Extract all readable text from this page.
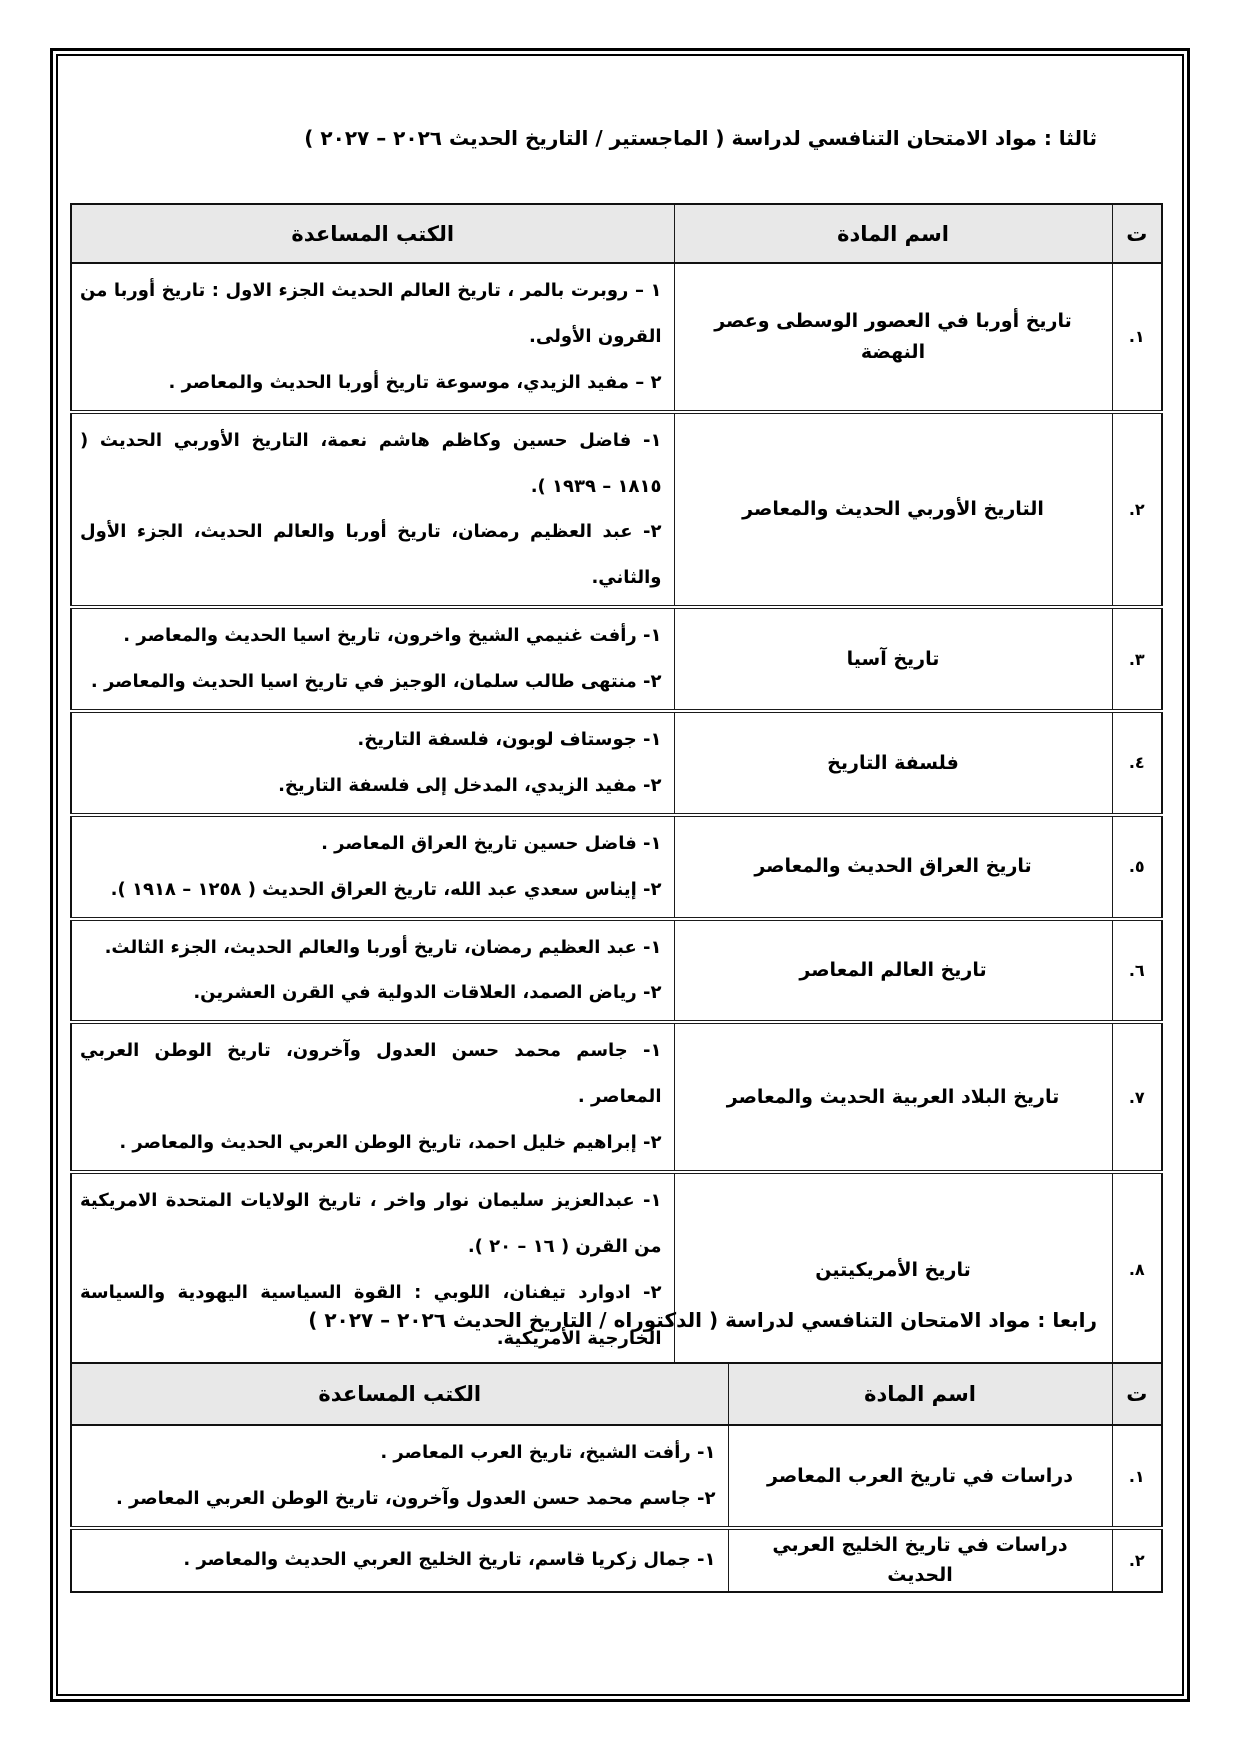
ثالثا : مواد الامتحان التنافسي لدراسة ( الماجستير / التاريخ الحديث ٢٠٢٦ – ٢٠٢٧ )
ت	اسم المادة	الكتب المساعدة
١.	تاريخ أوربا في العصور الوسطى وعصر النهضة	١ – روبرت بالمر ، تاريخ العالم الحديث الجزء الاول : تاريخ أوربا من القرون الأولى.

٢ – مفيد الزيدي، موسوعة تاريخ أوربا الحديث والمعاصر .

٢.	التاريخ الأوربي الحديث والمعاصر	١- فاضل حسين وكاظم هاشم نعمة، التاريخ الأوربي الحديث ( ١٨١٥ – ١٩٣٩ ).

٢- عبد العظيم رمضان، تاريخ أوربا والعالم الحديث، الجزء الأول والثاني.

٣.	تاريخ آسيا	١- رأفت غنيمي الشيخ واخرون، تاريخ اسيا الحديث والمعاصر .

٢- منتهى طالب سلمان، الوجيز في تاريخ اسيا الحديث والمعاصر .

٤.	فلسفة التاريخ	١- جوستاف لوبون، فلسفة التاريخ.

٢- مفيد الزيدي، المدخل إلى فلسفة التاريخ.

٥.	تاريخ العراق الحديث والمعاصر	١- فاضل حسين تاريخ العراق المعاصر .

٢- إيناس سعدي عبد الله، تاريخ العراق الحديث ( ١٢٥٨ – ١٩١٨ ).

٦.	تاريخ العالم المعاصر	١- عبد العظيم رمضان، تاريخ أوربا والعالم الحديث، الجزء الثالث.

٢- رياض الصمد، العلاقات الدولية في القرن العشرين.

٧.	تاريخ البلاد العربية الحديث والمعاصر	١- جاسم محمد حسن العدول وآخرون، تاريخ الوطن العربي المعاصر .

٢- إبراهيم خليل احمد، تاريخ الوطن العربي الحديث والمعاصر .

٨.	تاريخ الأمريكيتين	١- عبدالعزيز سليمان نوار واخر ، تاريخ الولايات المتحدة الامريكية من القرن ( ١٦ – ٢٠ ).

٢- ادوارد تيفنان، اللوبي : القوة السياسية اليهودية والسياسة الخارجية الأمريكية.

رابعا : مواد الامتحان التنافسي لدراسة ( الدكتوراه / التاريخ الحديث ٢٠٢٦ – ٢٠٢٧ )
ت	اسم المادة	الكتب المساعدة
١.	دراسات في تاريخ العرب المعاصر	١- رأفت الشيخ، تاريخ العرب المعاصر .

٢- جاسم محمد حسن العدول وآخرون، تاريخ الوطن العربي المعاصر .

٢.	دراسات في تاريخ الخليج العربي الحديث	١- جمال زكريا قاسم، تاريخ الخليج العربي الحديث والمعاصر .
